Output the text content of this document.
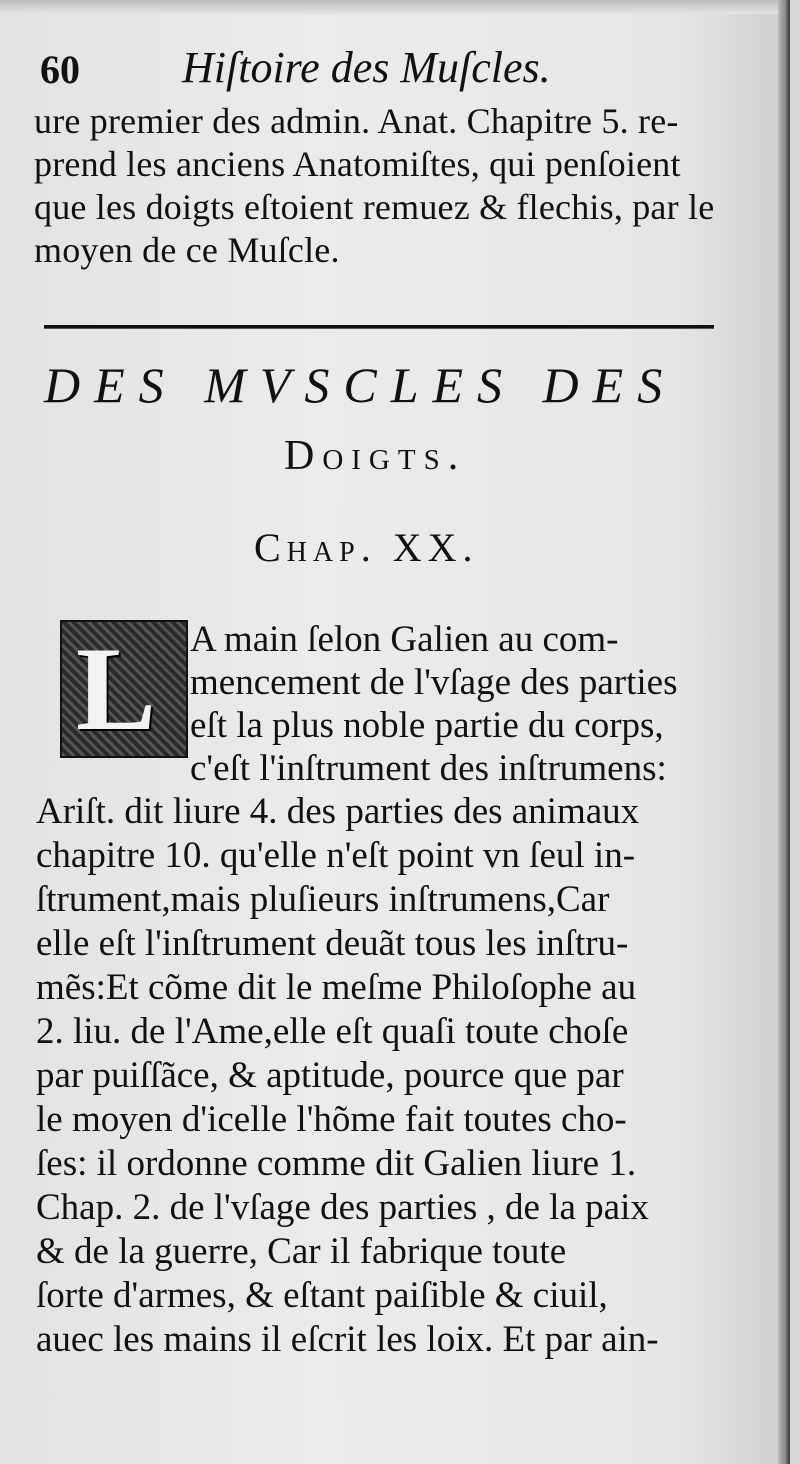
60 Hiſtoire des Muſcles.
ure premier des admin. Anat. Chapitre 5. re-
prend les anciens Anatomiſtes, qui penſoient
que les doigts eſtoient remuez & flechis, par le
moyen de ce Muſcle.
DES MVSCLES DES
Doigts.
Chap. XX.
L A main ſelon Galien au com-
mencement de l'vſage des parties
eſt la plus noble partie du corps,
c'eſt l'inſtrument des inſtrumens:
Ariſt. dit liure 4. des parties des animaux
chapitre 10. qu'elle n'eſt point vn ſeul in-
ſtrument,mais pluſieurs inſtrumens,Car
elle eſt l'inſtrument deuãt tous les inſtru-
mẽs:Et cõme dit le meſme Philoſophe au
2. liu. de l'Ame,elle eſt quaſi toute choſe
par puiſſãce, & aptitude, pource que par
le moyen d'icelle l'hõme fait toutes cho-
ſes: il ordonne comme dit Galien liure 1.
Chap. 2. de l'vſage des parties , de la paix
& de la guerre, Car il fabrique toute
ſorte d'armes, & eſtant paiſible & ciuil,
auec les mains il eſcrit les loix. Et par ain-
